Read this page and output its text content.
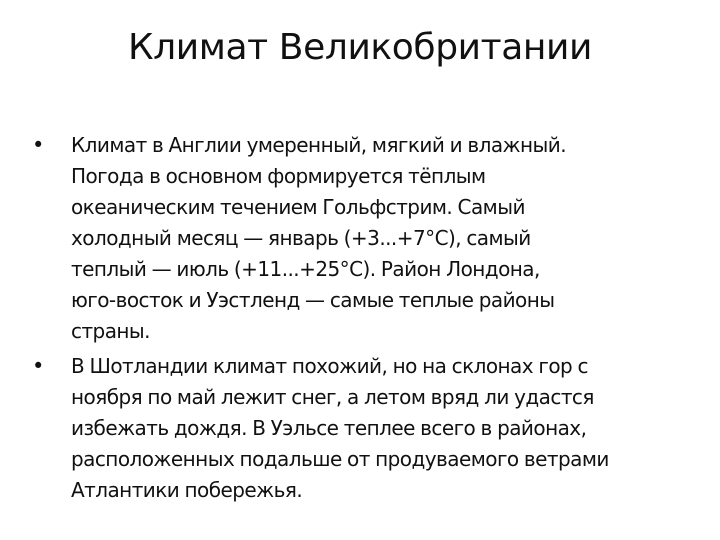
Климат Великобритании
• Климат в Англии умеренный, мягкий и влажный.
Погода в основном формируется тёплым
океаническим течением Гольфстрим. Самый
холодный месяц — январь (+3...+7°C), самый
теплый — июль (+11...+25°C). Район Лондона,
юго-восток и Уэстленд — самые теплые районы
страны.
• В Шотландии климат похожий, но на склонах гор с
ноября по май лежит снег, а летом вряд ли удастся
избежать дождя. В Уэльсе теплее всего в районах,
расположенных подальше от продуваемого ветрами
Атлантики побережья.
